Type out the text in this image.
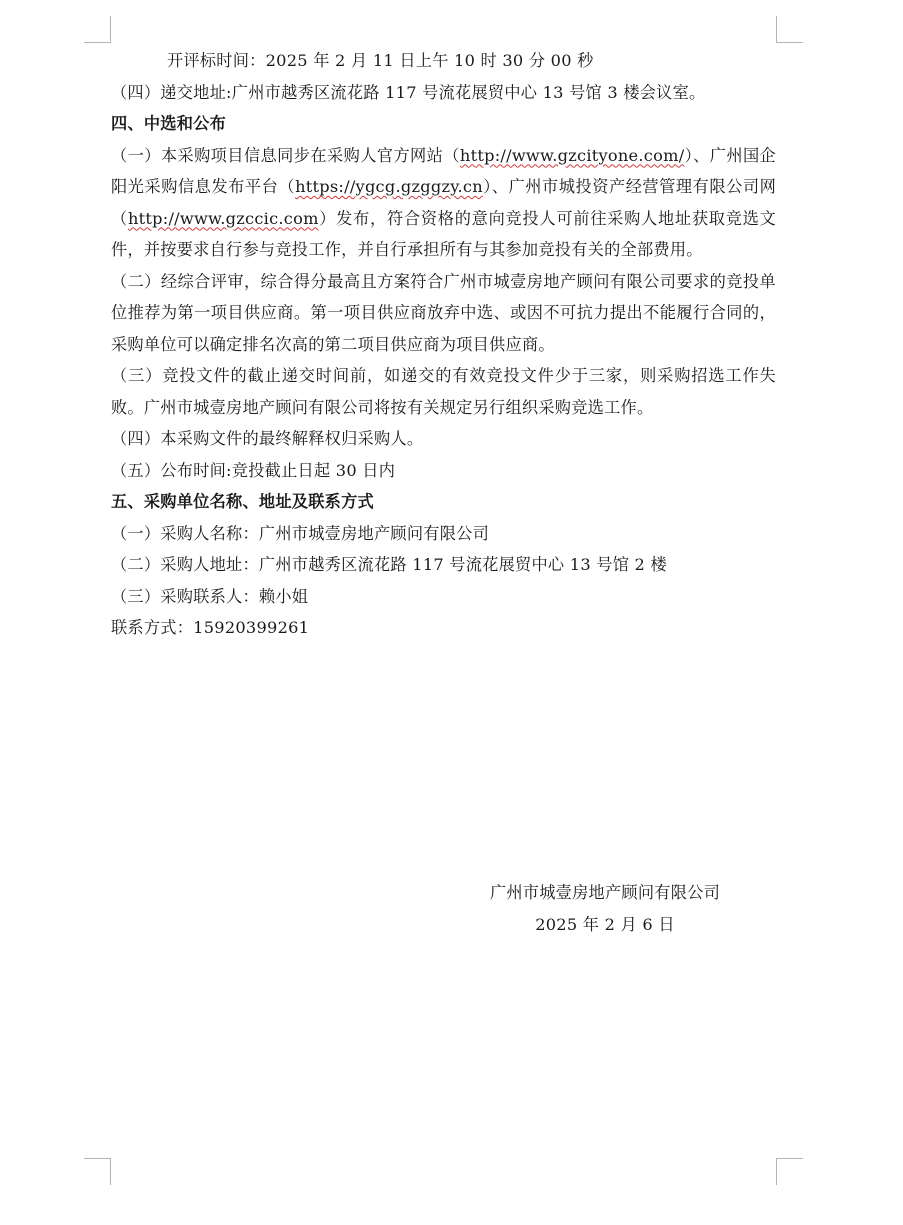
开评标时间：2025 年 2 月 11 日上午 10 时 30 分 00 秒

（四）递交地址:广州市越秀区流花路 117 号流花展贸中心 13 号馆 3 楼会议室。

四、中选和公布

（一）本采购项目信息同步在采购人官方网站（http://www.gzcityone.com/）、广州国企阳光采购信息发布平台（https://ygcg.gzggzy.cn）、广州市城投资产经营管理有限公司网（http://www.gzccic.com）发布，符合资格的意向竞投人可前往采购人地址获取竞选文件，并按要求自行参与竞投工作，并自行承担所有与其参加竞投有关的全部费用。

（二）经综合评审，综合得分最高且方案符合广州市城壹房地产顾问有限公司要求的竞投单位推荐为第一项目供应商。第一项目供应商放弃中选、或因不可抗力提出不能履行合同的，采购单位可以确定排名次高的第二项目供应商为项目供应商。

（三）竞投文件的截止递交时间前，如递交的有效竞投文件少于三家，则采购招选工作失败。广州市城壹房地产顾问有限公司将按有关规定另行组织采购竞选工作。

（四）本采购文件的最终解释权归采购人。

（五）公布时间:竞投截止日起 30 日内

五、采购单位名称、地址及联系方式

（一）采购人名称：广州市城壹房地产顾问有限公司

（二）采购人地址：广州市越秀区流花路 117 号流花展贸中心 13 号馆 2 楼

（三）采购联系人：赖小姐

联系方式：15920399261

广州市城壹房地产顾问有限公司
2025 年 2 月 6 日
